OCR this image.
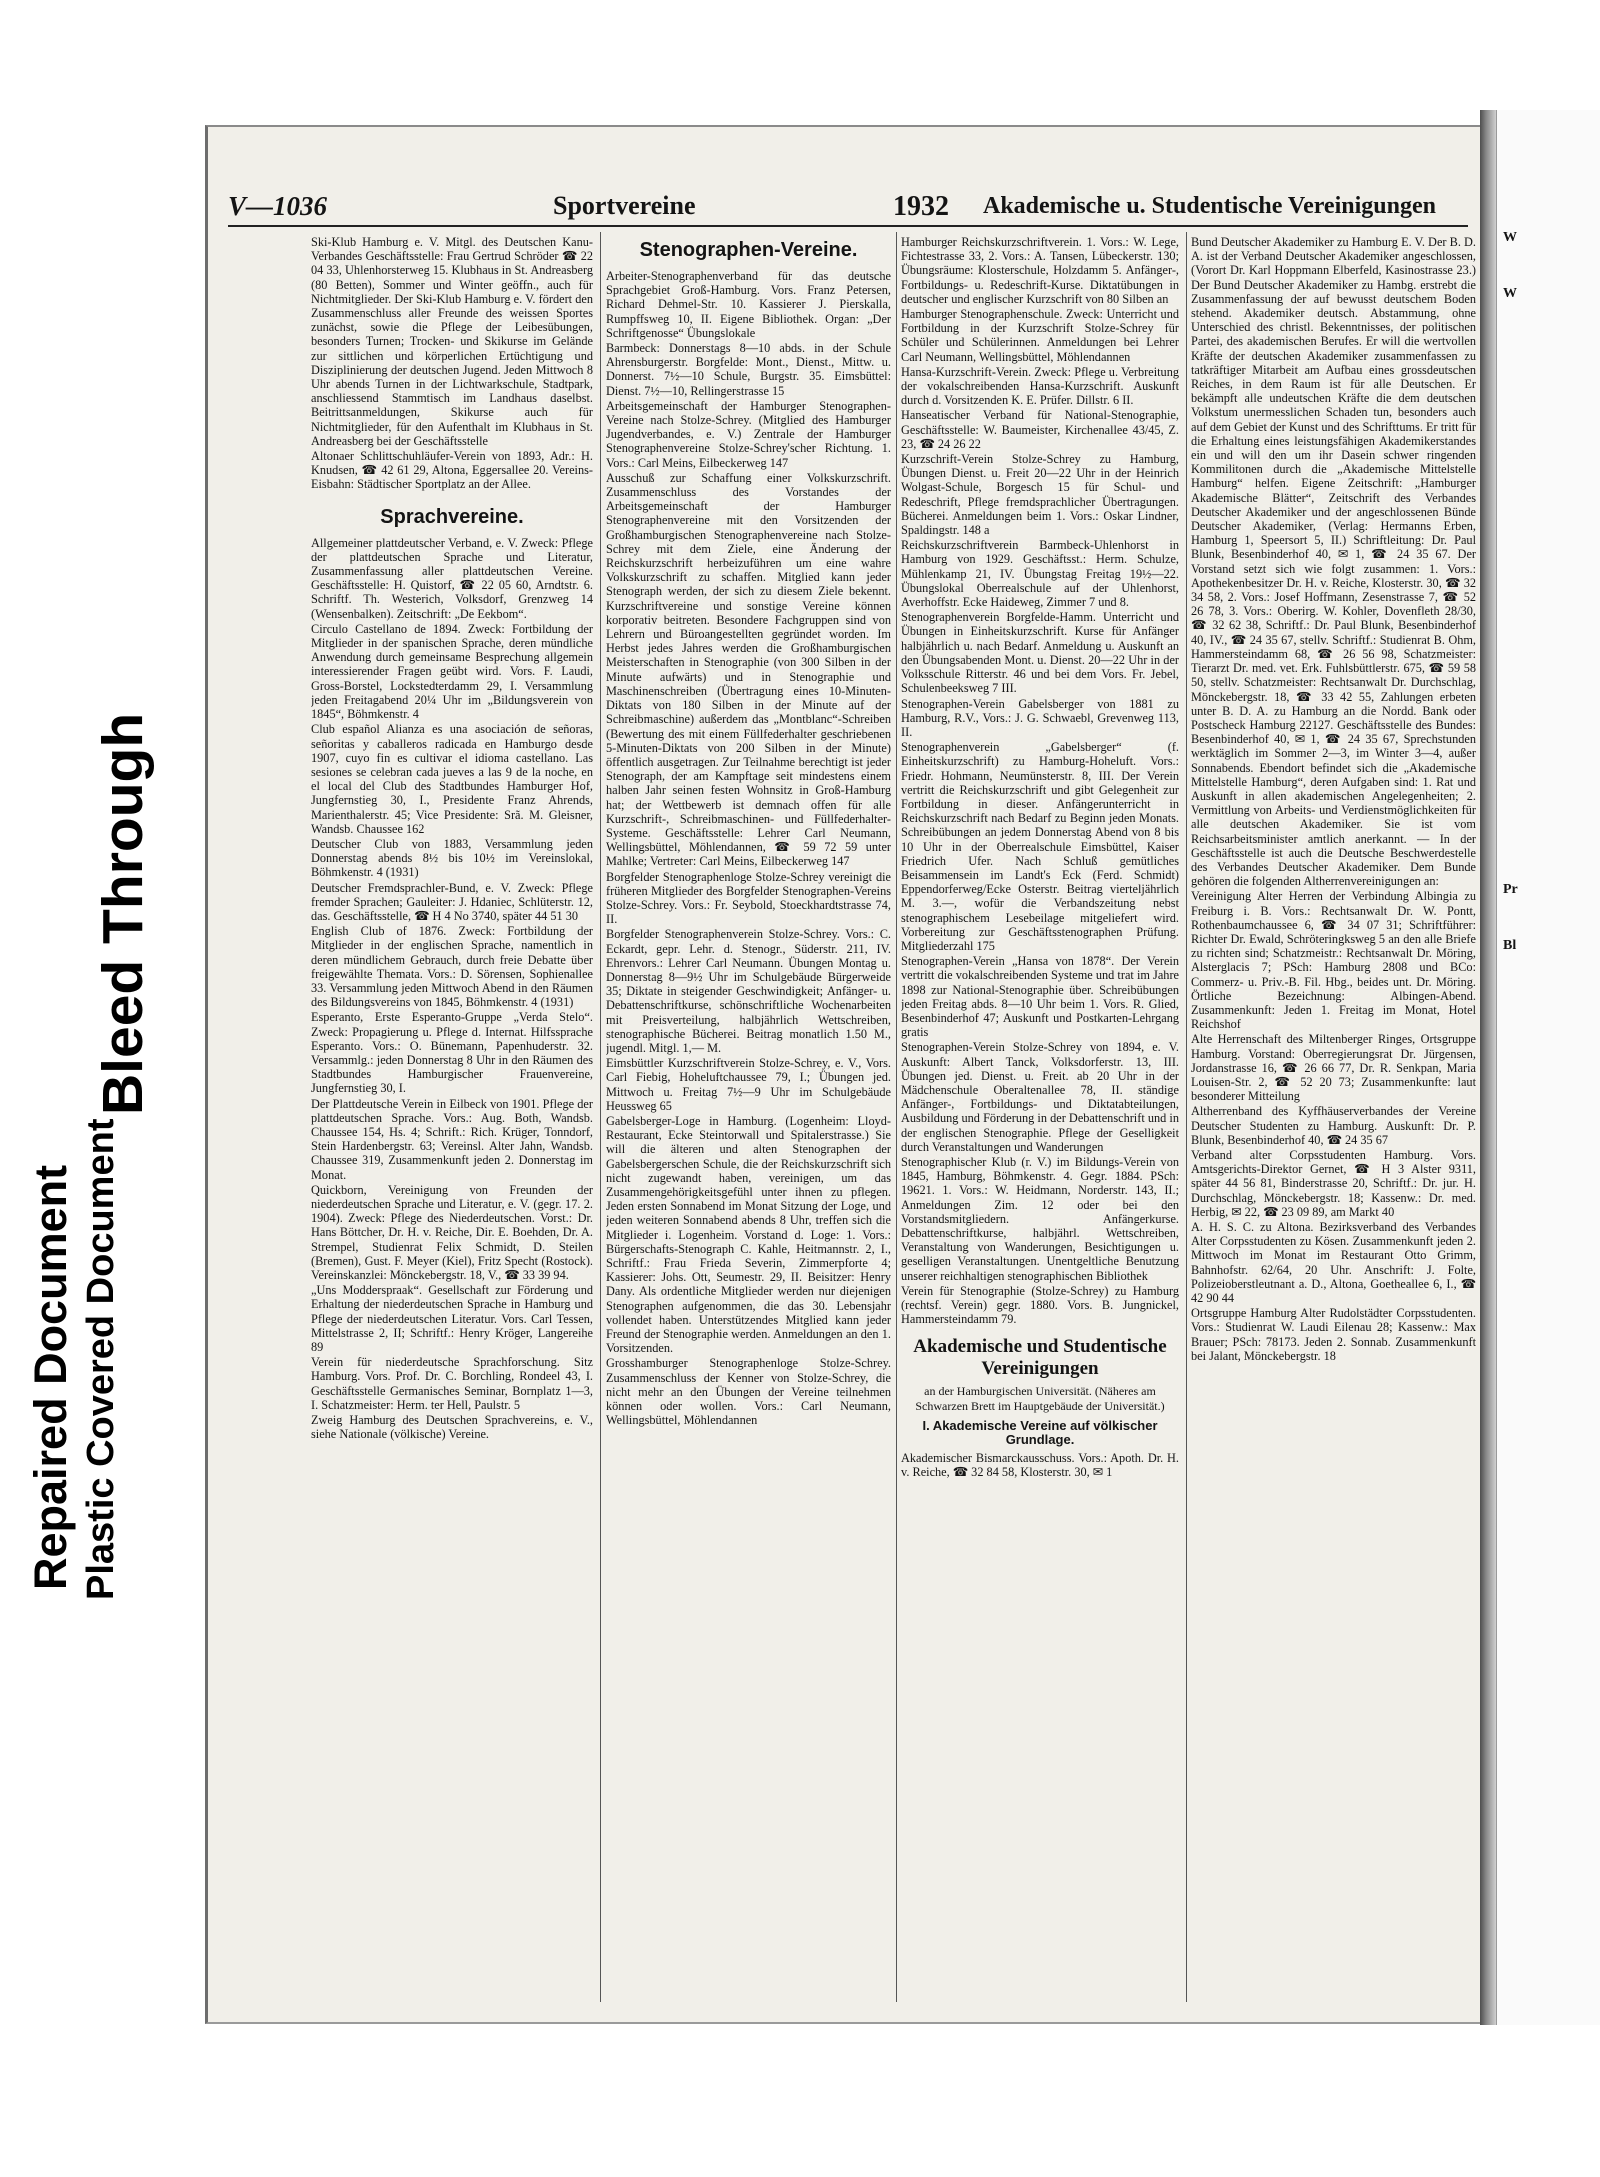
V—1036	Sportvereine	1932 Akademische u. Studentische Vereinigungen

Ski-Klub Hamburg e. V. Mitgl. des Deutschen Kanu-Verbandes Geschäftsstelle: Frau Gertrud Schröder ☎ 22 04 33, Uhlenhorsterweg 15. Klubhaus in St. Andreasberg (80 Betten), Sommer und Winter geöffn., auch für Nichtmitglieder. Der Ski-Klub Hamburg e. V. fördert den Zusammenschluss aller Freunde des weissen Sportes zunächst, sowie die Pflege der Leibesübungen, besonders Turnen; Trocken- und Skikurse im Gelände zur sittlichen und körperlichen Ertüchtigung und Disziplinierung der deutschen Jugend. Jeden Mittwoch 8 Uhr abends Turnen in der Lichtwarkschule, Stadtpark, anschliessend Stammtisch im Landhaus daselbst. Beitrittsanmeldungen, Skikurse auch für Nichtmitglieder, für den Aufenthalt im Klubhaus in St. Andreasberg bei der Geschäftsstelle

Altonaer Schlittschuhläufer-Verein von 1893, Adr.: H. Knudsen, ☎ 42 61 29, Altona, Eggersallee 20. Vereins-Eisbahn: Städtischer Sportplatz an der Allee.

Sprachvereine.

Allgemeiner plattdeutscher Verband, e. V. Zweck: Pflege der plattdeutschen Sprache und Literatur, Zusammenfassung aller plattdeutschen Vereine. Geschäftsstelle: H. Quistorf, ☎ 22 05 60, Arndtstr. 6. Schriftf. Th. Westerich, Volksdorf, Grenzweg 14 (Wensenbalken). Zeitschrift: „De Eekbom“.

Circulo Castellano de 1894. Zweck: Fortbildung der Mitglieder in der spanischen Sprache, deren mündliche Anwendung durch gemeinsame Besprechung allgemein interessierender Fragen geübt wird. Vors. F. Laudi, Gross-Borstel, Lockstedterdamm 29, I. Versammlung jeden Freitagabend 20¼ Uhr im „Bildungsverein von 1845“, Böhmkenstr. 4

Club español Alianza es una asociación de señoras, señoritas y caballeros radicada en Hamburgo desde 1907, cuyo fin es cultivar el idioma castellano. Las sesiones se celebran cada jueves a las 9 de la noche, en el local del Club des Stadtbundes Hamburger Hof, Jungfernstieg 30, I., Presidente Franz Ahrends, Marienthalerstr. 45; Vice Presidente: Srã. M. Gleisner, Wandsb. Chaussee 162

Deutscher Club von 1883, Versammlung jeden Donnerstag abends 8½ bis 10½ im Vereinslokal, Böhmkenstr. 4 (1931)

Deutscher Fremdsprachler-Bund, e. V. Zweck: Pflege fremder Sprachen; Gauleiter: J. Hdaniec, Schlüterstr. 12, das. Geschäftsstelle, ☎ H 4 No 3740, später 44 51 30

English Club of 1876. Zweck: Fortbildung der Mitglieder in der englischen Sprache, namentlich in deren mündlichem Gebrauch, durch freie Debatte über freigewählte Themata. Vors.: D. Sörensen, Sophienallee 33. Versammlung jeden Mittwoch Abend in den Räumen des Bildungsvereins von 1845, Böhmkenstr. 4 (1931)

Esperanto, Erste Esperanto-Gruppe „Verda Stelo“. Zweck: Propagierung u. Pflege d. Internat. Hilfssprache Esperanto. Vors.: O. Bünemann, Papenhuderstr. 32. Versammlg.: jeden Donnerstag 8 Uhr in den Räumen des Stadtbundes Hamburgischer Frauenvereine, Jungfernstieg 30, I.

Der Plattdeutsche Verein in Eilbeck von 1901. Pflege der plattdeutschen Sprache. Vors.: Aug. Both, Wandsb. Chaussee 154, Hs. 4; Schrift.: Rich. Krüger, Tonndorf, Stein Hardenbergstr. 63; Vereinsl. Alter Jahn, Wandsb. Chaussee 319, Zusammenkunft jeden 2. Donnerstag im Monat.

Quickborn, Vereinigung von Freunden der niederdeutschen Sprache und Literatur, e. V. (gegr. 17. 2. 1904). Zweck: Pflege des Niederdeutschen. Vorst.: Dr. Hans Böttcher, Dr. H. v. Reiche, Dir. E. Boehden, Dr. A. Strempel, Studienrat Felix Schmidt, D. Steilen (Bremen), Gust. F. Meyer (Kiel), Fritz Specht (Rostock). Vereinskanzlei: Mönckebergstr. 18, V., ☎ 33 39 94.

„Uns Modderspraak“. Gesellschaft zur Förderung und Erhaltung der niederdeutschen Sprache in Hamburg und Pflege der niederdeutschen Literatur. Vors. Carl Tessen, Mittelstrasse 2, II; Schriftf.: Henry Kröger, Langereihe 89

Verein für niederdeutsche Sprachforschung. Sitz Hamburg. Vors. Prof. Dr. C. Borchling, Rondeel 43, I. Geschäftsstelle Germanisches Seminar, Bornplatz 1—3, I. Schatzmeister: Herm. ter Hell, Paulstr. 5

Zweig Hamburg des Deutschen Sprachvereins, e. V., siehe Nationale (völkische) Vereine.

Stenographen-Vereine.

Arbeiter-Stenographenverband für das deutsche Sprachgebiet Groß-Hamburg. Vors. Franz Petersen, Richard Dehmel-Str. 10. Kassierer J. Pierskalla, Rumpffsweg 10, II. Eigene Bibliothek. Organ: „Der Schriftgenosse“ Übungslokale

Barmbeck: Donnerstags 8—10 abds. in der Schule Ahrensburgerstr. Borgfelde: Mont., Dienst., Mittw. u. Donnerst. 7½—10 Schule, Burgstr. 35. Eimsbüttel: Dienst. 7½—10, Rellingerstrasse 15

Arbeitsgemeinschaft der Hamburger Stenographen-Vereine nach Stolze-Schrey. (Mitglied des Hamburger Jugendverbandes, e. V.) Zentrale der Hamburger Stenographenvereine Stolze-Schrey'scher Richtung. 1. Vors.: Carl Meins, Eilbeckerweg 147

Ausschuß zur Schaffung einer Volkskurzschrift. Zusammenschluss des Vorstandes der Arbeitsgemeinschaft der Hamburger Stenographenvereine mit den Vorsitzenden der Großhamburgischen Stenographenvereine nach Stolze-Schrey mit dem Ziele, eine Änderung der Reichskurzschrift herbeizuführen um eine wahre Volkskurzschrift zu schaffen. Mitglied kann jeder Stenograph werden, der sich zu diesem Ziele bekennt. Kurzschriftvereine und sonstige Vereine können korporativ beitreten. Besondere Fachgruppen sind von Lehrern und Büroangestellten gegründet worden. Im Herbst jedes Jahres werden die Großhamburgischen Meisterschaften in Stenographie (von 300 Silben in der Minute aufwärts) und in Stenographie und Maschinenschreiben (Übertragung eines 10-Minuten-Diktats von 180 Silben in der Minute auf der Schreibmaschine) außerdem das „Montblanc“-Schreiben (Bewertung des mit einem Füllfederhalter geschriebenen 5-Minuten-Diktats von 200 Silben in der Minute) öffentlich ausgetragen. Zur Teilnahme berechtigt ist jeder Stenograph, der am Kampftage seit mindestens einem halben Jahr seinen festen Wohnsitz in Groß-Hamburg hat; der Wettbewerb ist demnach offen für alle Kurzschrift-, Schreibmaschinen- und Füllfederhalter-Systeme. Geschäftsstelle: Lehrer Carl Neumann, Wellingsbüttel, Möhlendannen, ☎ 59 72 59 unter Mahlke; Vertreter: Carl Meins, Eilbeckerweg 147

Borgfelder Stenographenloge Stolze-Schrey vereinigt die früheren Mitglieder des Borgfelder Stenographen-Vereins Stolze-Schrey. Vors.: Fr. Seybold, Stoeckhardtstrasse 74, II.

Borgfelder Stenographenverein Stolze-Schrey. Vors.: C. Eckardt, gepr. Lehr. d. Stenogr., Süderstr. 211, IV. Ehrenvors.: Lehrer Carl Neumann. Übungen Montag u. Donnerstag 8—9½ Uhr im Schulgebäude Bürgerweide 35; Diktate in steigender Geschwindigkeit; Anfänger- u. Debattenschriftkurse, schönschriftliche Wochenarbeiten mit Preisverteilung, halbjährlich Wettschreiben, stenographische Bücherei. Beitrag monatlich 1.50 M., jugendl. Mitgl. 1,— M.

Eimsbüttler Kurzschriftverein Stolze-Schrey, e. V., Vors. Carl Fiebig, Hoheluftchaussee 79, I.; Übungen jed. Mittwoch u. Freitag 7½—9 Uhr im Schulgebäude Heussweg 65

Gabelsberger-Loge in Hamburg. (Logenheim: Lloyd-Restaurant, Ecke Steintorwall und Spitalerstrasse.) Sie will die älteren und alten Stenographen der Gabelsbergerschen Schule, die der Reichskurzschrift sich nicht zugewandt haben, vereinigen, um das Zusammengehörigkeitsgefühl unter ihnen zu pflegen. Jeden ersten Sonnabend im Monat Sitzung der Loge, und jeden weiteren Sonnabend abends 8 Uhr, treffen sich die Mitglieder i. Logenheim. Vorstand d. Loge: 1. Vors.: Bürgerschafts-Stenograph C. Kahle, Heitmannstr. 2, I., Schriftf.: Frau Frieda Severin, Zimmerpforte 4; Kassierer: Johs. Ott, Seumestr. 29, II. Beisitzer: Henry Dany. Als ordentliche Mitglieder werden nur diejenigen Stenographen aufgenommen, die das 30. Lebensjahr vollendet haben. Unterstützendes Mitglied kann jeder Freund der Stenographie werden. Anmeldungen an den 1. Vorsitzenden.

Grosshamburger Stenographenloge Stolze-Schrey. Zusammenschluss der Kenner von Stolze-Schrey, die nicht mehr an den Übungen der Vereine teilnehmen können oder wollen. Vors.: Carl Neumann, Wellingsbüttel, Möhlendannen

Hamburger Reichskurzschriftverein. 1. Vors.: W. Lege, Fichtestrasse 33, 2. Vors.: A. Tansen, Lübeckerstr. 130; Übungsräume: Klosterschule, Holzdamm 5. Anfänger-, Fortbildungs- u. Redeschrift-Kurse. Diktatübungen in deutscher und englischer Kurzschrift von 80 Silben an

Hamburger Stenographenschule. Zweck: Unterricht und Fortbildung in der Kurzschrift Stolze-Schrey für Schüler und Schülerinnen. Anmeldungen bei Lehrer Carl Neumann, Wellingsbüttel, Möhlendannen

Hansa-Kurzschrift-Verein. Zweck: Pflege u. Verbreitung der vokalschreibenden Hansa-Kurzschrift. Auskunft durch d. Vorsitzenden K. E. Prüfer. Dillstr. 6 II.

Hanseatischer Verband für National-Stenographie, Geschäftsstelle: W. Baumeister, Kirchenallee 43/45, Z. 23, ☎ 24 26 22

Kurzschrift-Verein Stolze-Schrey zu Hamburg, Übungen Dienst. u. Freit 20—22 Uhr in der Heinrich Wolgast-Schule, Borgesch 15 für Schul- und Redeschrift, Pflege fremdsprachlicher Übertragungen. Bücherei. Anmeldungen beim 1. Vors.: Oskar Lindner, Spaldingstr. 148 a

Reichskurzschriftverein Barmbeck-Uhlenhorst in Hamburg von 1929. Geschäftsst.: Herm. Schulze, Mühlenkamp 21, IV. Übungstag Freitag 19½—22. Übungslokal Oberrealschule auf der Uhlenhorst, Averhoffstr. Ecke Haideweg, Zimmer 7 und 8.

Stenographenverein Borgfelde-Hamm. Unterricht und Übungen in Einheitskurzschrift. Kurse für Anfänger halbjährlich u. nach Bedarf. Anmeldung u. Auskunft an den Übungsabenden Mont. u. Dienst. 20—22 Uhr in der Volksschule Ritterstr. 46 und bei dem Vors. Fr. Jebel, Schulenbeeksweg 7 III.

Stenographen-Verein Gabelsberger von 1881 zu Hamburg, R.V., Vors.: J. G. Schwaebl, Grevenweg 113, II.

Stenographenverein „Gabelsberger“ (f. Einheitskurzschrift) zu Hamburg-Hoheluft. Vors.: Friedr. Hohmann, Neumünsterstr. 8, III. Der Verein vertritt die Reichskurzschrift und gibt Gelegenheit zur Fortbildung in dieser. Anfängerunterricht in Reichskurzschrift nach Bedarf zu Beginn jeden Monats. Schreibübungen an jedem Donnerstag Abend von 8 bis 10 Uhr in der Oberrealschule Eimsbüttel, Kaiser Friedrich Ufer. Nach Schluß gemütliches Beisammensein im Landt's Eck (Ferd. Schmidt) Eppendorferweg/Ecke Osterstr. Beitrag vierteljährlich M. 3.—, wofür die Verbandszeitung nebst stenographischem Lesebeilage mitgeliefert wird. Vorbereitung zur Geschäftsstenographen Prüfung. Mitgliederzahl 175

Stenographen-Verein „Hansa von 1878“. Der Verein vertritt die vokalschreibenden Systeme und trat im Jahre 1898 zur National-Stenographie über. Schreibübungen jeden Freitag abds. 8—10 Uhr beim 1. Vors. R. Glied, Besenbinderhof 47; Auskunft und Postkarten-Lehrgang gratis

Stenographen-Verein Stolze-Schrey von 1894, e. V. Auskunft: Albert Tanck, Volksdorferstr. 13, III. Übungen jed. Dienst. u. Freit. ab 20 Uhr in der Mädchenschule Oberaltenallee 78, II. ständige Anfänger-, Fortbildungs- und Diktatabteilungen, Ausbildung und Förderung in der Debattenschrift und in der englischen Stenographie. Pflege der Geselligkeit durch Veranstaltungen und Wanderungen

Stenographischer Klub (r. V.) im Bildungs-Verein von 1845, Hamburg, Böhmkenstr. 4. Gegr. 1884. PSch: 19621. 1. Vors.: W. Heidmann, Norderstr. 143, II.; Anmeldungen Zim. 12 oder bei den Vorstandsmitgliedern. Anfängerkurse. Debattenschriftkurse, halbjährl. Wettschreiben, Veranstaltung von Wanderungen, Besichtigungen u. geselligen Veranstaltungen. Unentgeltliche Benutzung unserer reichhaltigen stenographischen Bibliothek

Verein für Stenographie (Stolze-Schrey) zu Hamburg (rechtsf. Verein) gegr. 1880. Vors. B. Jungnickel, Hammersteindamm 79.

Akademische und Studentische Vereinigungen

an der Hamburgischen Universität. (Näheres am Schwarzen Brett im Hauptgebäude der Universität.)

I. Akademische Vereine auf völkischer Grundlage.

Akademischer Bismarckausschuss. Vors.: Apoth. Dr. H. v. Reiche, ☎ 32 84 58, Klosterstr. 30, ✉ 1

Bund Deutscher Akademiker zu Hamburg E. V. Der B. D. A. ist der Verband Deutscher Akademiker angeschlossen, (Vorort Dr. Karl Hoppmann Elberfeld, Kasinostrasse 23.) Der Bund Deutscher Akademiker zu Hambg. erstrebt die Zusammenfassung der auf bewusst deutschem Boden stehend. Akademiker deutsch. Abstammung, ohne Unterschied des christl. Bekenntnisses, der politischen Partei, des akademischen Berufes. Er will die wertvollen Kräfte der deutschen Akademiker zusammenfassen zu tatkräftiger Mitarbeit am Aufbau eines grossdeutschen Reiches, in dem Raum ist für alle Deutschen. Er bekämpft alle undeutschen Kräfte die dem deutschen Volkstum unermesslichen Schaden tun, besonders auch auf dem Gebiet der Kunst und des Schrifttums. Er tritt für die Erhaltung eines leistungsfähigen Akademikerstandes ein und will den um ihr Dasein schwer ringenden Kommilitonen durch die „Akademische Mittelstelle Hamburg“ helfen. Eigene Zeitschrift: „Hamburger Akademische Blätter“, Zeitschrift des Verbandes Deutscher Akademiker und der angeschlossenen Bünde Deutscher Akademiker, (Verlag: Hermanns Erben, Hamburg 1, Speersort 5, II.) Schriftleitung: Dr. Paul Blunk, Besenbinderhof 40, ✉ 1, ☎ 24 35 67. Der Vorstand setzt sich wie folgt zusammen: 1. Vors.: Apothekenbesitzer Dr. H. v. Reiche, Klosterstr. 30, ☎ 32 34 58, 2. Vors.: Josef Hoffmann, Zesenstrasse 7, ☎ 52 26 78, 3. Vors.: Oberirg. W. Kohler, Dovenfleth 28/30, ☎ 32 62 38, Schriftf.: Dr. Paul Blunk, Besenbinderhof 40, IV., ☎ 24 35 67, stellv. Schriftf.: Studienrat B. Ohm, Hammersteindamm 68, ☎ 26 56 98, Schatzmeister: Tierarzt Dr. med. vet. Erk. Fuhlsbüttlerstr. 675, ☎ 59 58 50, stellv. Schatzmeister: Rechtsanwalt Dr. Durchschlag, Mönckebergstr. 18, ☎ 33 42 55, Zahlungen erbeten unter B. D. A. zu Hamburg an die Nordd. Bank oder Postscheck Hamburg 22127. Geschäftsstelle des Bundes: Besenbinderhof 40, ✉ 1, ☎ 24 35 67, Sprechstunden werktäglich im Sommer 2—3, im Winter 3—4, außer Sonnabends. Ebendort befindet sich die „Akademische Mittelstelle Hamburg“, deren Aufgaben sind: 1. Rat und Auskunft in allen akademischen Angelegenheiten; 2. Vermittlung von Arbeits- und Verdienstmöglichkeiten für alle deutschen Akademiker. Sie ist vom Reichsarbeitsminister amtlich anerkannt. — In der Geschäftsstelle ist auch die Deutsche Beschwerdestelle des Verbandes Deutscher Akademiker. Dem Bunde gehören die folgenden Altherrenvereinigungen an:

Vereinigung Alter Herren der Verbindung Albingia zu Freiburg i. B. Vors.: Rechtsanwalt Dr. W. Pontt, Rothenbaumchaussee 6, ☎ 34 07 31; Schriftführer: Richter Dr. Ewald, Schröteringksweg 5 an den alle Briefe zu richten sind; Schatzmeistr.: Rechtsanwalt Dr. Möring, Alsterglacis 7; PSch: Hamburg 2808 und BCo: Commerz- u. Priv.-B. Fil. Hbg., beides unt. Dr. Möring. Örtliche Bezeichnung: Albingen-Abend. Zusammenkunft: Jeden 1. Freitag im Monat, Hotel Reichshof

Alte Herrenschaft des Miltenberger Ringes, Ortsgruppe Hamburg. Vorstand: Oberregierungsrat Dr. Jürgensen, Jordanstrasse 16, ☎ 26 66 77, Dr. R. Senkpan, Maria Louisen-Str. 2, ☎ 52 20 73; Zusammenkunfte: laut besonderer Mitteilung

Altherrenband des Kyffhäuserverbandes der Vereine Deutscher Studenten zu Hamburg. Auskunft: Dr. P. Blunk, Besenbinderhof 40, ☎ 24 35 67

Verband alter Corpsstudenten Hamburg. Vors. Amtsgerichts-Direktor Gernet, ☎ H 3 Alster 9311, später 44 56 81, Binderstrasse 20, Schriftf.: Dr. jur. H. Durchschlag, Mönckebergstr. 18; Kassenw.: Dr. med. Herbig, ✉ 22, ☎ 23 09 89, am Markt 40

A. H. S. C. zu Altona. Bezirksverband des Verbandes Alter Corpsstudenten zu Kösen. Zusammenkunft jeden 2. Mittwoch im Monat im Restaurant Otto Grimm, Bahnhofstr. 62/64, 20 Uhr. Anschrift: J. Folte, Polizeioberstleutnant a. D., Altona, Goetheallee 6, I., ☎ 42 90 44

Ortsgruppe Hamburg Alter Rudolstädter Corpsstudenten. Vors.: Studienrat W. Laudi Eilenau 28; Kassenw.: Max Brauer; PSch: 78173. Jeden 2. Sonnab. Zusammenkunft bei Jalant, Mönckebergstr. 18

W
W
Pr
Bl
Bleed Through
Repaired Document Plastic Covered Document
